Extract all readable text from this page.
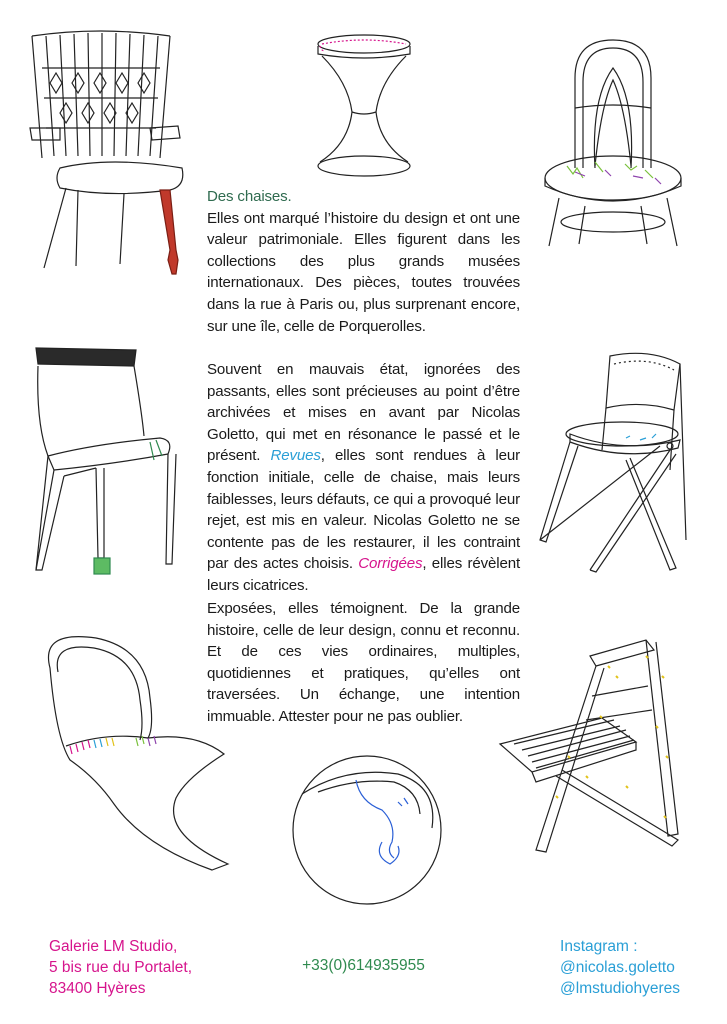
Des chaises.

Elles ont marqué l’histoire du design et ont une valeur patrimoniale. Elles figurent dans les collections des plus grands musées internationaux. Des pièces, toutes trouvées dans la rue à Paris ou, plus surprenant encore, sur une île, celle de Porquerolles.

Souvent en mauvais état, ignorées des passants, elles sont précieuses au point d’être archivées et mises en avant par Nicolas Goletto, qui met en résonance le passé et le présent. Revues, elles sont rendues à leur fonction initiale, celle de chaise, mais leurs faiblesses, leurs défauts, ce qui a provoqué leur rejet, est mis en valeur. Nicolas Goletto ne se contente pas de les restaurer, il les contraint par des actes choisis. Corrigées, elles révèlent leurs cicatrices.

Exposées, elles témoignent. De la grande histoire, celle de leur design, connu et reconnu. Et de ces vies ordinaires, multiples, quotidiennes et pratiques, qu’elles ont traversées. Un échange, une intention immuable. Attester pour ne pas oublier.

Galerie LM Studio,
5 bis rue du Portalet,
83400 Hyères
+33(0)614935955
Instagram :
@nicolas.goletto
@lmstudiohyeres
